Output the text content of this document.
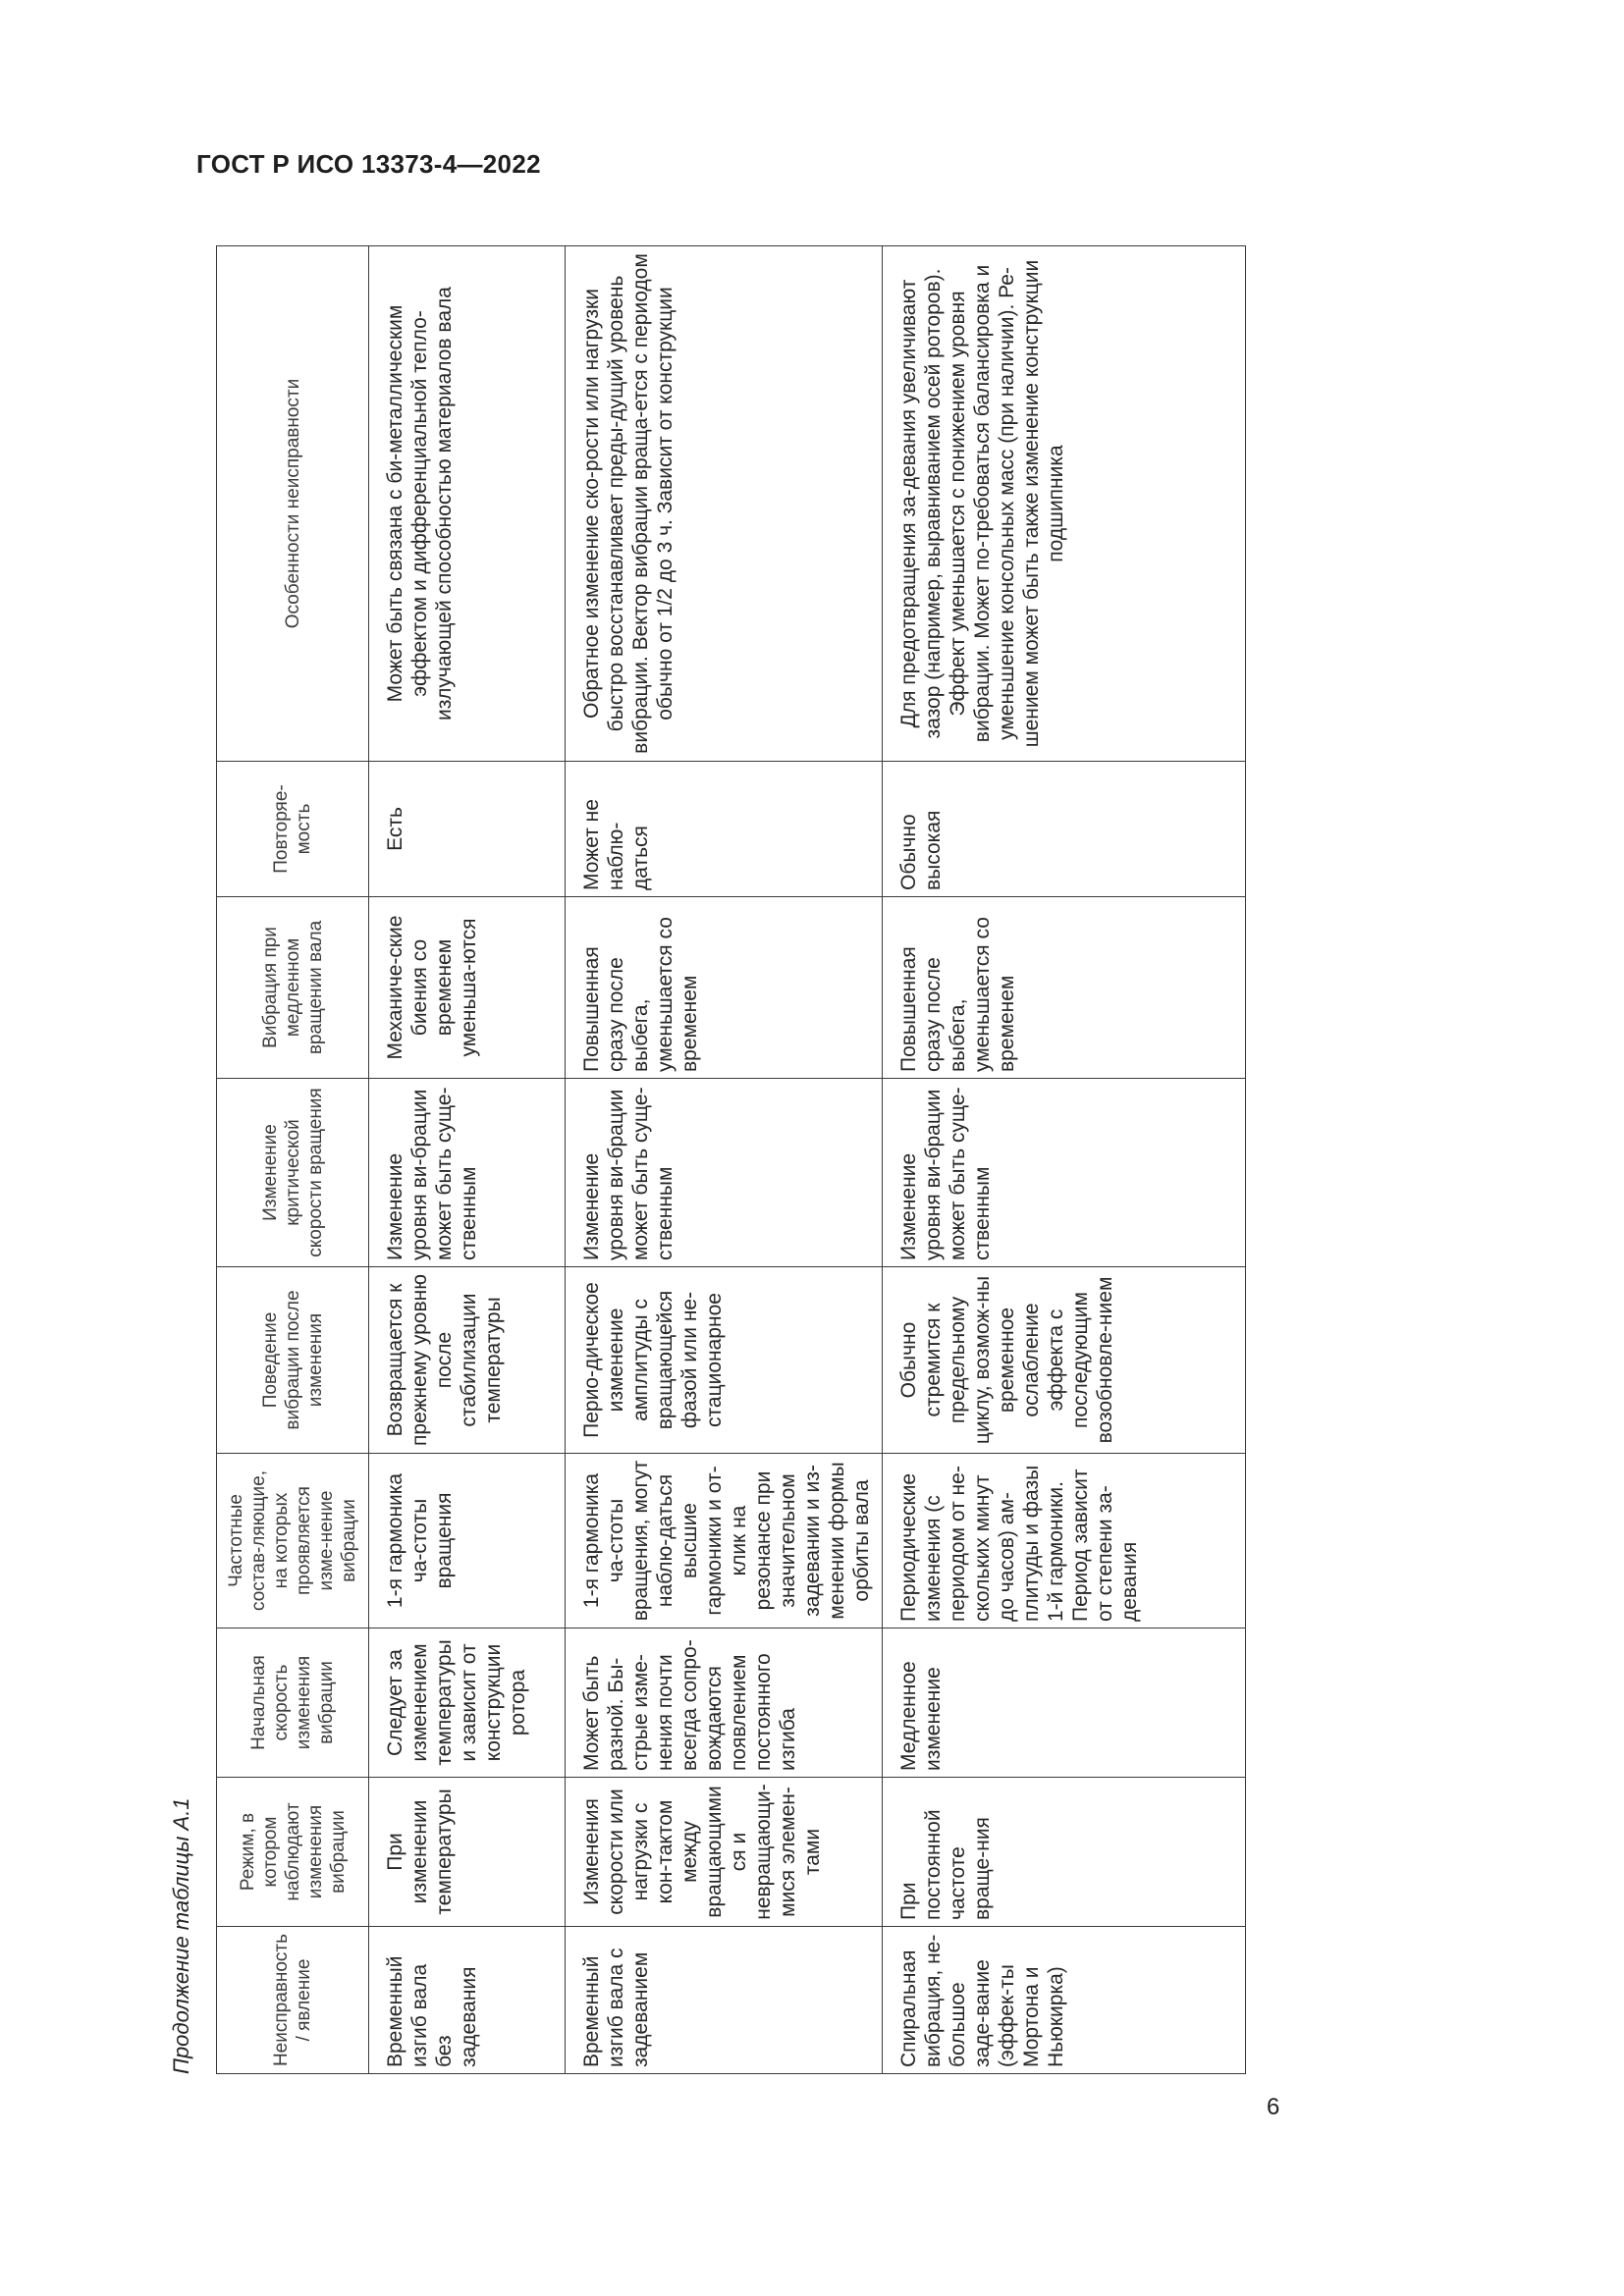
ГОСТ Р ИСО 13373-4—2022
Продолжение таблицы А.1	Неисправность/ явление	Режим, в котором наблюдают изменения вибрации	Начальная скорость изменения вибрации	Частотные состав-ляющие, на которых проявляется изме-нение вибрации	Поведение вибрации после изменения	Изменение критической скорости вращения	Вибрация при медленном вращении вала	Повторяе-мость	Особенности неисправности
Временный изгиб вала без задевания	При изменении температуры	Следует за изменением температуры и зависит от конструкции ротора	1-я гармоника ча-стоты вращения	Возвращается к прежнему уровню после стабилизации температуры	Изменение уровня ви-брации может быть суще-ственным	Механиче-ские биения со временем уменьша-ются	Есть	Может быть связана с би-металлическим эффектом и дифференциальной тепло-излучающей способностью материалов вала
Временный изгиб вала с задеванием	Изменения скорости или нагрузки с кон-тактом между вращающимися и невращающи-мися элемен-тами	Может быть разной. Бы-стрые изме-нения почти всегда сопро-вождаются появлением постоянного изгиба	1-я гармоника ча-стоты вращения, могут наблю-даться высшие гармоники и от-клик на резонансе при значительном задевании и из-менении формы орбиты вала	Перио-дическое изменение амплитуды с вращающейся фазой или не-стационарное	Изменение уровня ви-брации может быть суще-ственным	Повышенная сразу после выбега, уменьшается со временем	Может не наблю-даться	Обратное изменение ско-рости или нагрузки быстро восстанавливает преды-дущий уровень вибрации. Вектор вибрации враща-ется с периодом обычно от 1/2 до 3 ч. Зависит от конструкции
Спиральная вибрация, не-большое заде-вание (эффек-ты Мортона и Ньюкирка)	При постоянной частоте враще-ния	Медленное изменение	Периодические изменения (с периодом от не-скольких минут до часов) ам-плитуды и фазы 1-й гармоники. Период зависит от степени за-девания	Обычно стремится к предельному циклу, возмож-ны временное ослабление эффекта с последующим возобновле-нием	Изменение уровня ви-брации может быть суще-ственным	Повышенная сразу после выбега, уменьшается со временем	Обычно высокая	Для предотвращения за-девания увеличивают зазор (например, выравниванием осей роторов). Эффект уменьшается с понижением уровня вибрации. Может по-требоваться балансировка и уменьшение консольных масс (при наличии). Ре-шением может быть также изменение конструкции подшипника
6
